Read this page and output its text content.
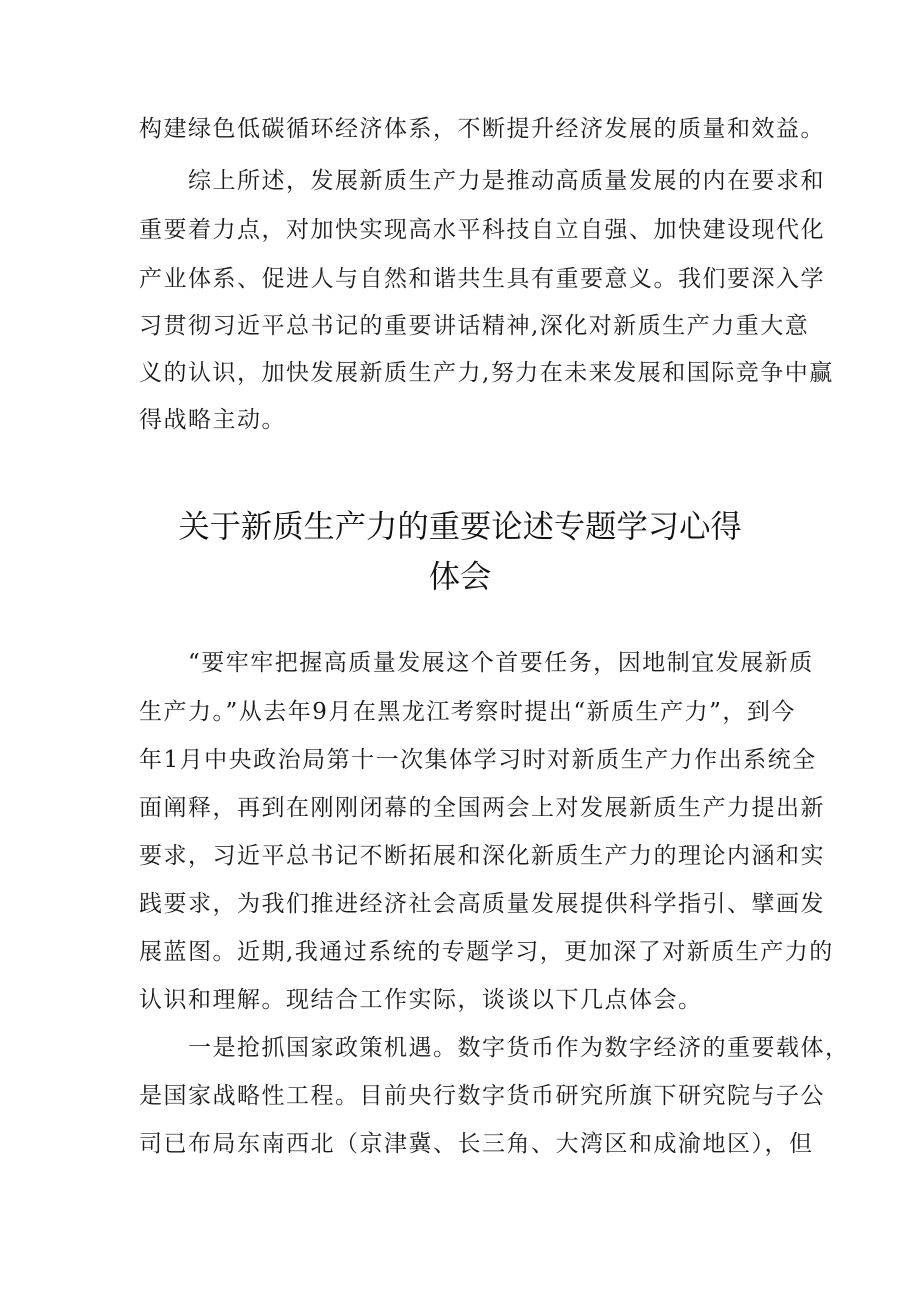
构建绿色低碳循环经济体系，不断提升经济发展的质量和效益。
综上所述，发展新质生产力是推动高质量发展的内在要求和
重要着力点，对加快实现高水平科技自立自强、加快建设现代化
产业体系、促进人与自然和谐共生具有重要意义。我们要深入学
习贯彻习近平总书记的重要讲话精神,深化对新质生产力重大意
义的认识，加快发展新质生产力,努力在未来发展和国际竞争中赢
得战略主动。
关于新质生产力的重要论述专题学习心得
体会
“要牢牢把握高质量发展这个首要任务，因地制宜发展新质
生产力。”从去年9月在黑龙江考察时提出“新质生产力”，到今
年1月中央政治局第十一次集体学习时对新质生产力作出系统全
面阐释，再到在刚刚闭幕的全国两会上对发展新质生产力提出新
要求，习近平总书记不断拓展和深化新质生产力的理论内涵和实
践要求，为我们推进经济社会高质量发展提供科学指引、擘画发
展蓝图。近期,我通过系统的专题学习，更加深了对新质生产力的
认识和理解。现结合工作实际，谈谈以下几点体会。
一是抢抓国家政策机遇。数字货币作为数字经济的重要载体，
是国家战略性工程。目前央行数字货币研究所旗下研究院与子公
司已布局东南西北（京津冀、长三角、大湾区和成渝地区），但
